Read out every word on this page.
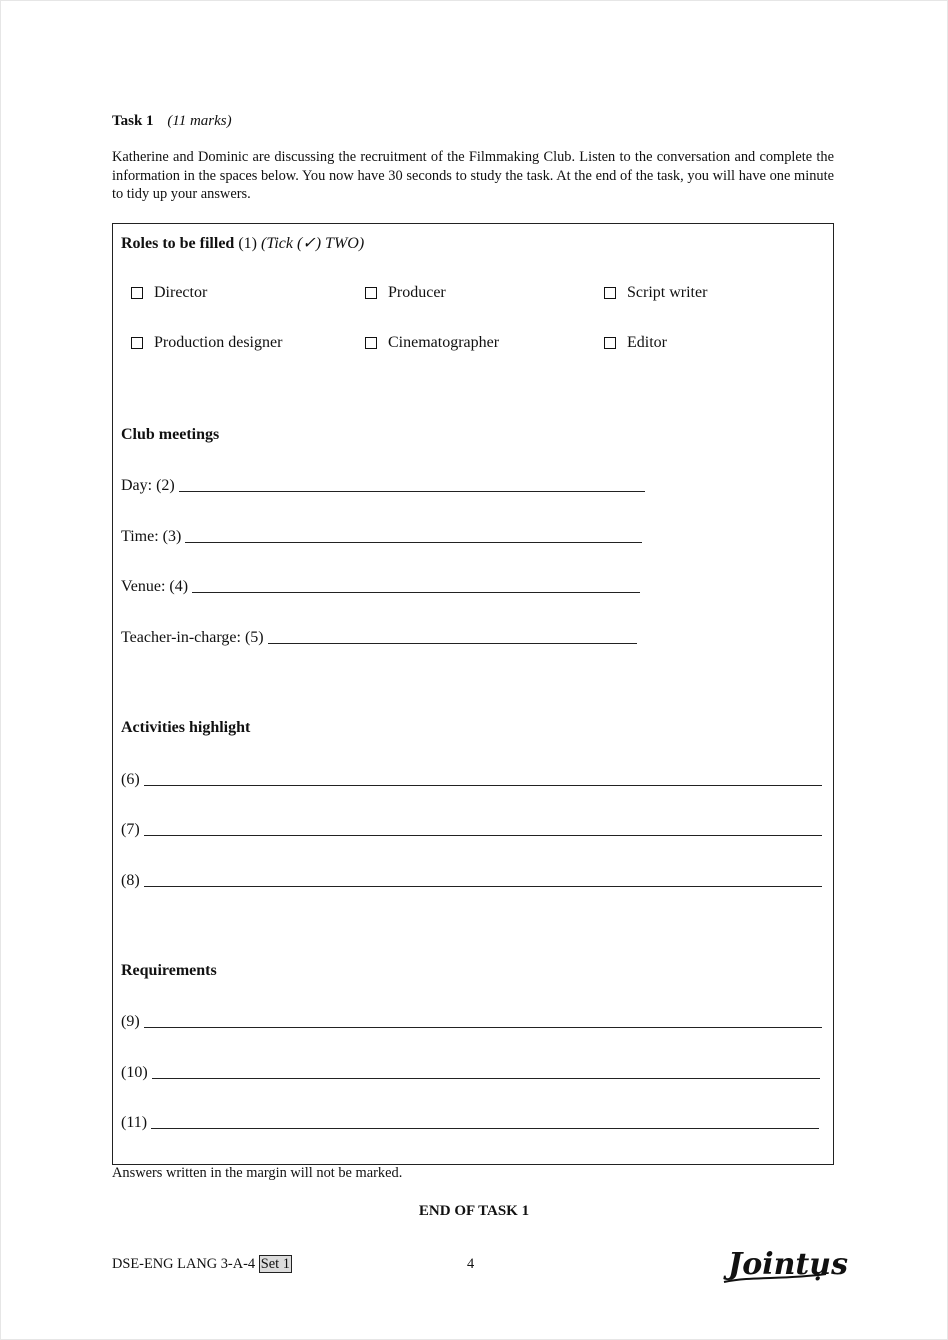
Task 1 (11 marks)
Katherine and Dominic are discussing the recruitment of the Filmmaking Club. Listen to the conversation and complete the information in the spaces below. You now have 30 seconds to study the task. At the end of the task, you will have one minute to tidy up your answers.
Roles to be filled (1) (Tick (✓) TWO)
Director	Producer	Script writer
Production designer	Cinematographer	Editor
Club meetings
Day: (2)
Time: (3)
Venue: (4)
Teacher-in-charge: (5)
Activities highlight
(6)
(7)
(8)
Requirements
(9)
(10)
(11)
Answers written in the margin will not be marked.
END OF TASK 1
DSE-ENG LANG 3-A-4 Set 1	4	Jointụs
